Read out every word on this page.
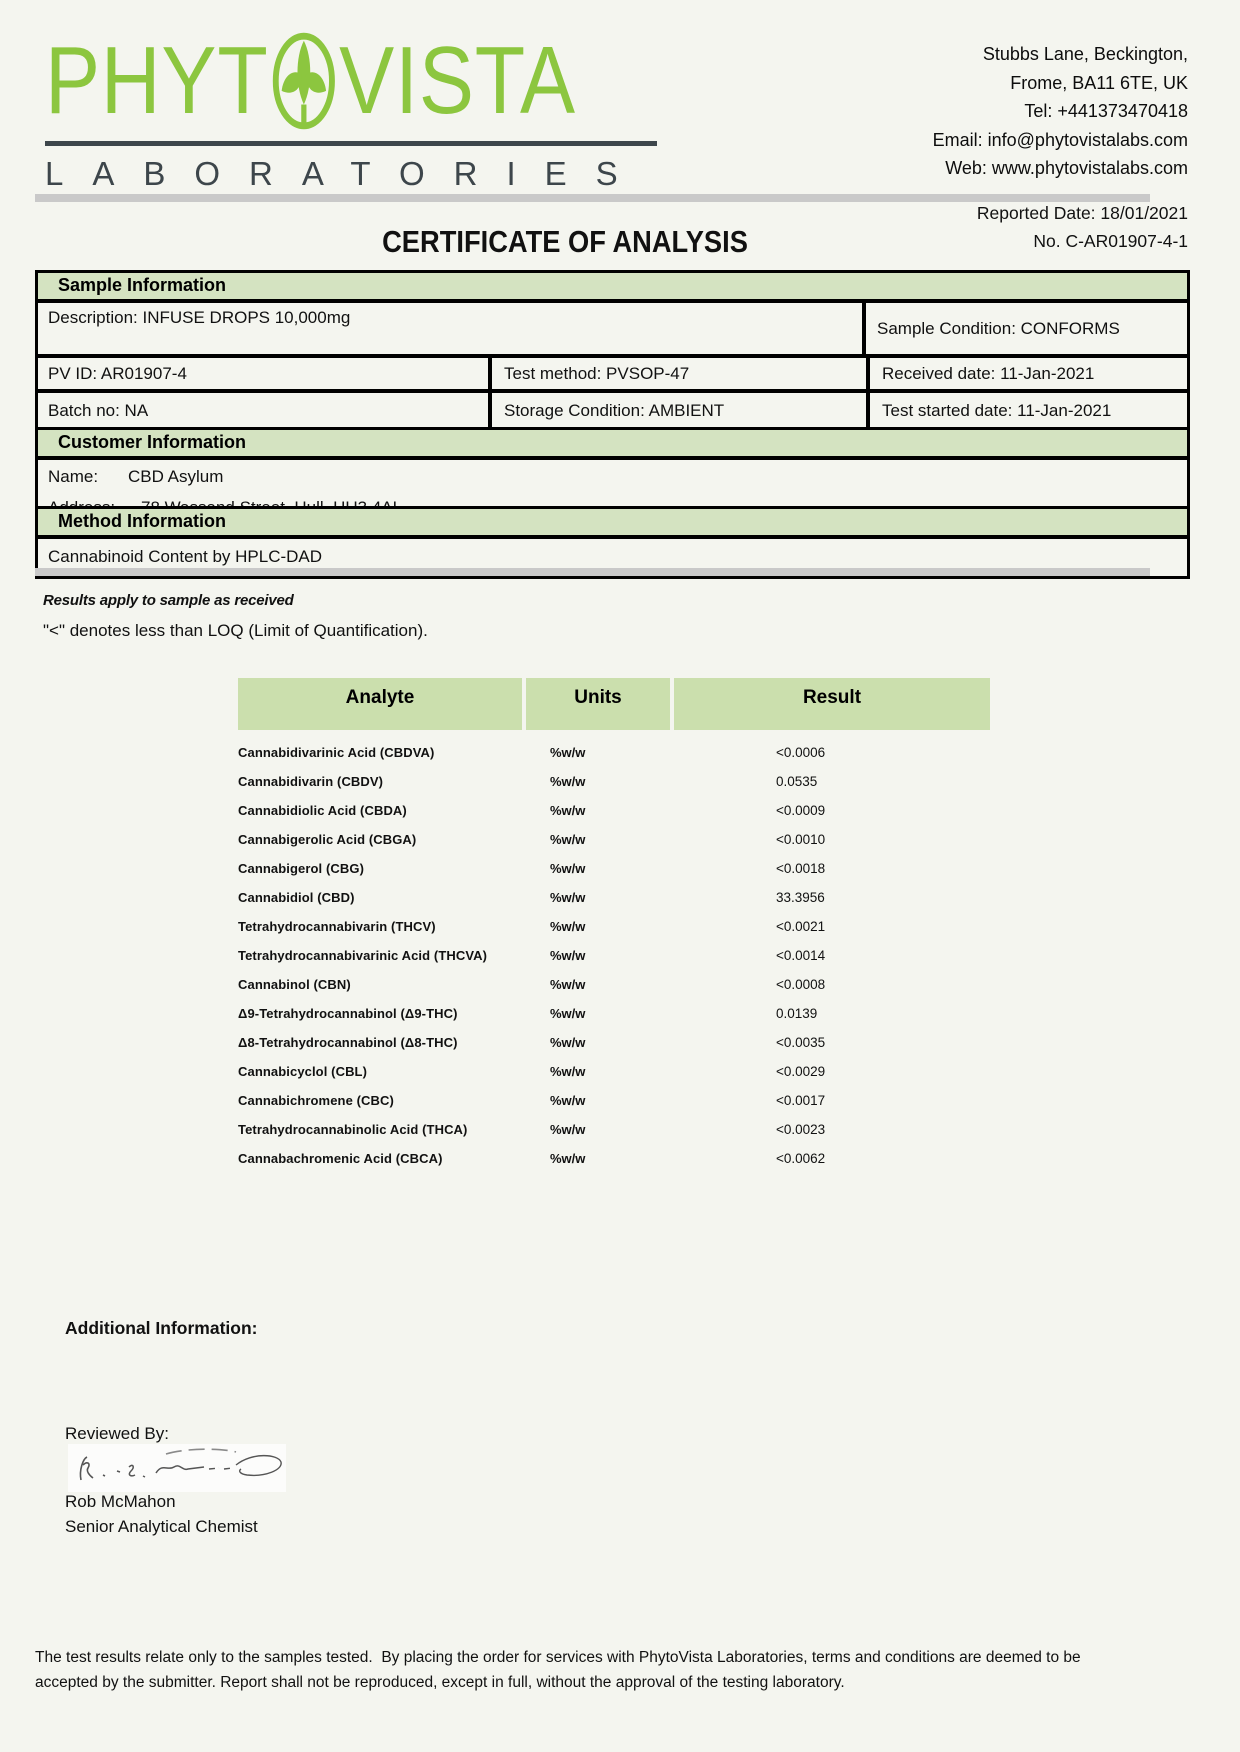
PHYT VISTA
LABORATORIES
Stubbs Lane, Beckington,
Frome, BA11 6TE, UK
Tel: +441373470418
Email: info@phytovistalabs.com
Web: www.phytovistalabs.com
Reported Date: 18/01/2021
CERTIFICATE OF ANALYSIS	No. C-AR01907-4-1
Sample Information
Description: INFUSE DROPS 10,000mg
Sample Condition: CONFORMS
PV ID: AR01907-4	Test method: PVSOP-47	Received date: 11-Jan-2021
Batch no: NA	Storage Condition: AMBIENT	Test started date: 11-Jan-2021
Customer Information
Name:	CBD Asylum
Method Information
Cannabinoid Content by HPLC-DAD
Results apply to sample as received
"<" denotes less than LOQ (Limit of Quantification).
Analyte	Units	Result
Cannabidivarinic Acid (CBDVA)	%w/w	<0.0006
Cannabidivarin (CBDV)	%w/w	0.0535
Cannabidiolic Acid (CBDA)	%w/w	<0.0009
Cannabigerolic Acid (CBGA)	%w/w	<0.0010
Cannabigerol (CBG)	%w/w	<0.0018
Cannabidiol (CBD)	%w/w	33.3956
Tetrahydrocannabivarin (THCV)	%w/w	<0.0021
Tetrahydrocannabivarinic Acid (THCVA)	%w/w	<0.0014
Cannabinol (CBN)	%w/w	<0.0008
Δ9-Tetrahydrocannabinol (Δ9-THC)	%w/w	0.0139
Δ8-Tetrahydrocannabinol (Δ8-THC)	%w/w	<0.0035
Cannabicyclol (CBL)	%w/w	<0.0029
Cannabichromene (CBC)	%w/w	<0.0017
Tetrahydrocannabinolic Acid (THCA)	%w/w	<0.0023
Cannabachromenic Acid (CBCA)	%w/w	<0.0062
Additional Information:
Reviewed By:
Rob McMahon
Senior Analytical Chemist
The test results relate only to the samples tested.  By placing the order for services with PhytoVista Laboratories, terms and conditions are deemed to be accepted by the submitter. Report shall not be reproduced, except in full, without the approval of the testing laboratory.
